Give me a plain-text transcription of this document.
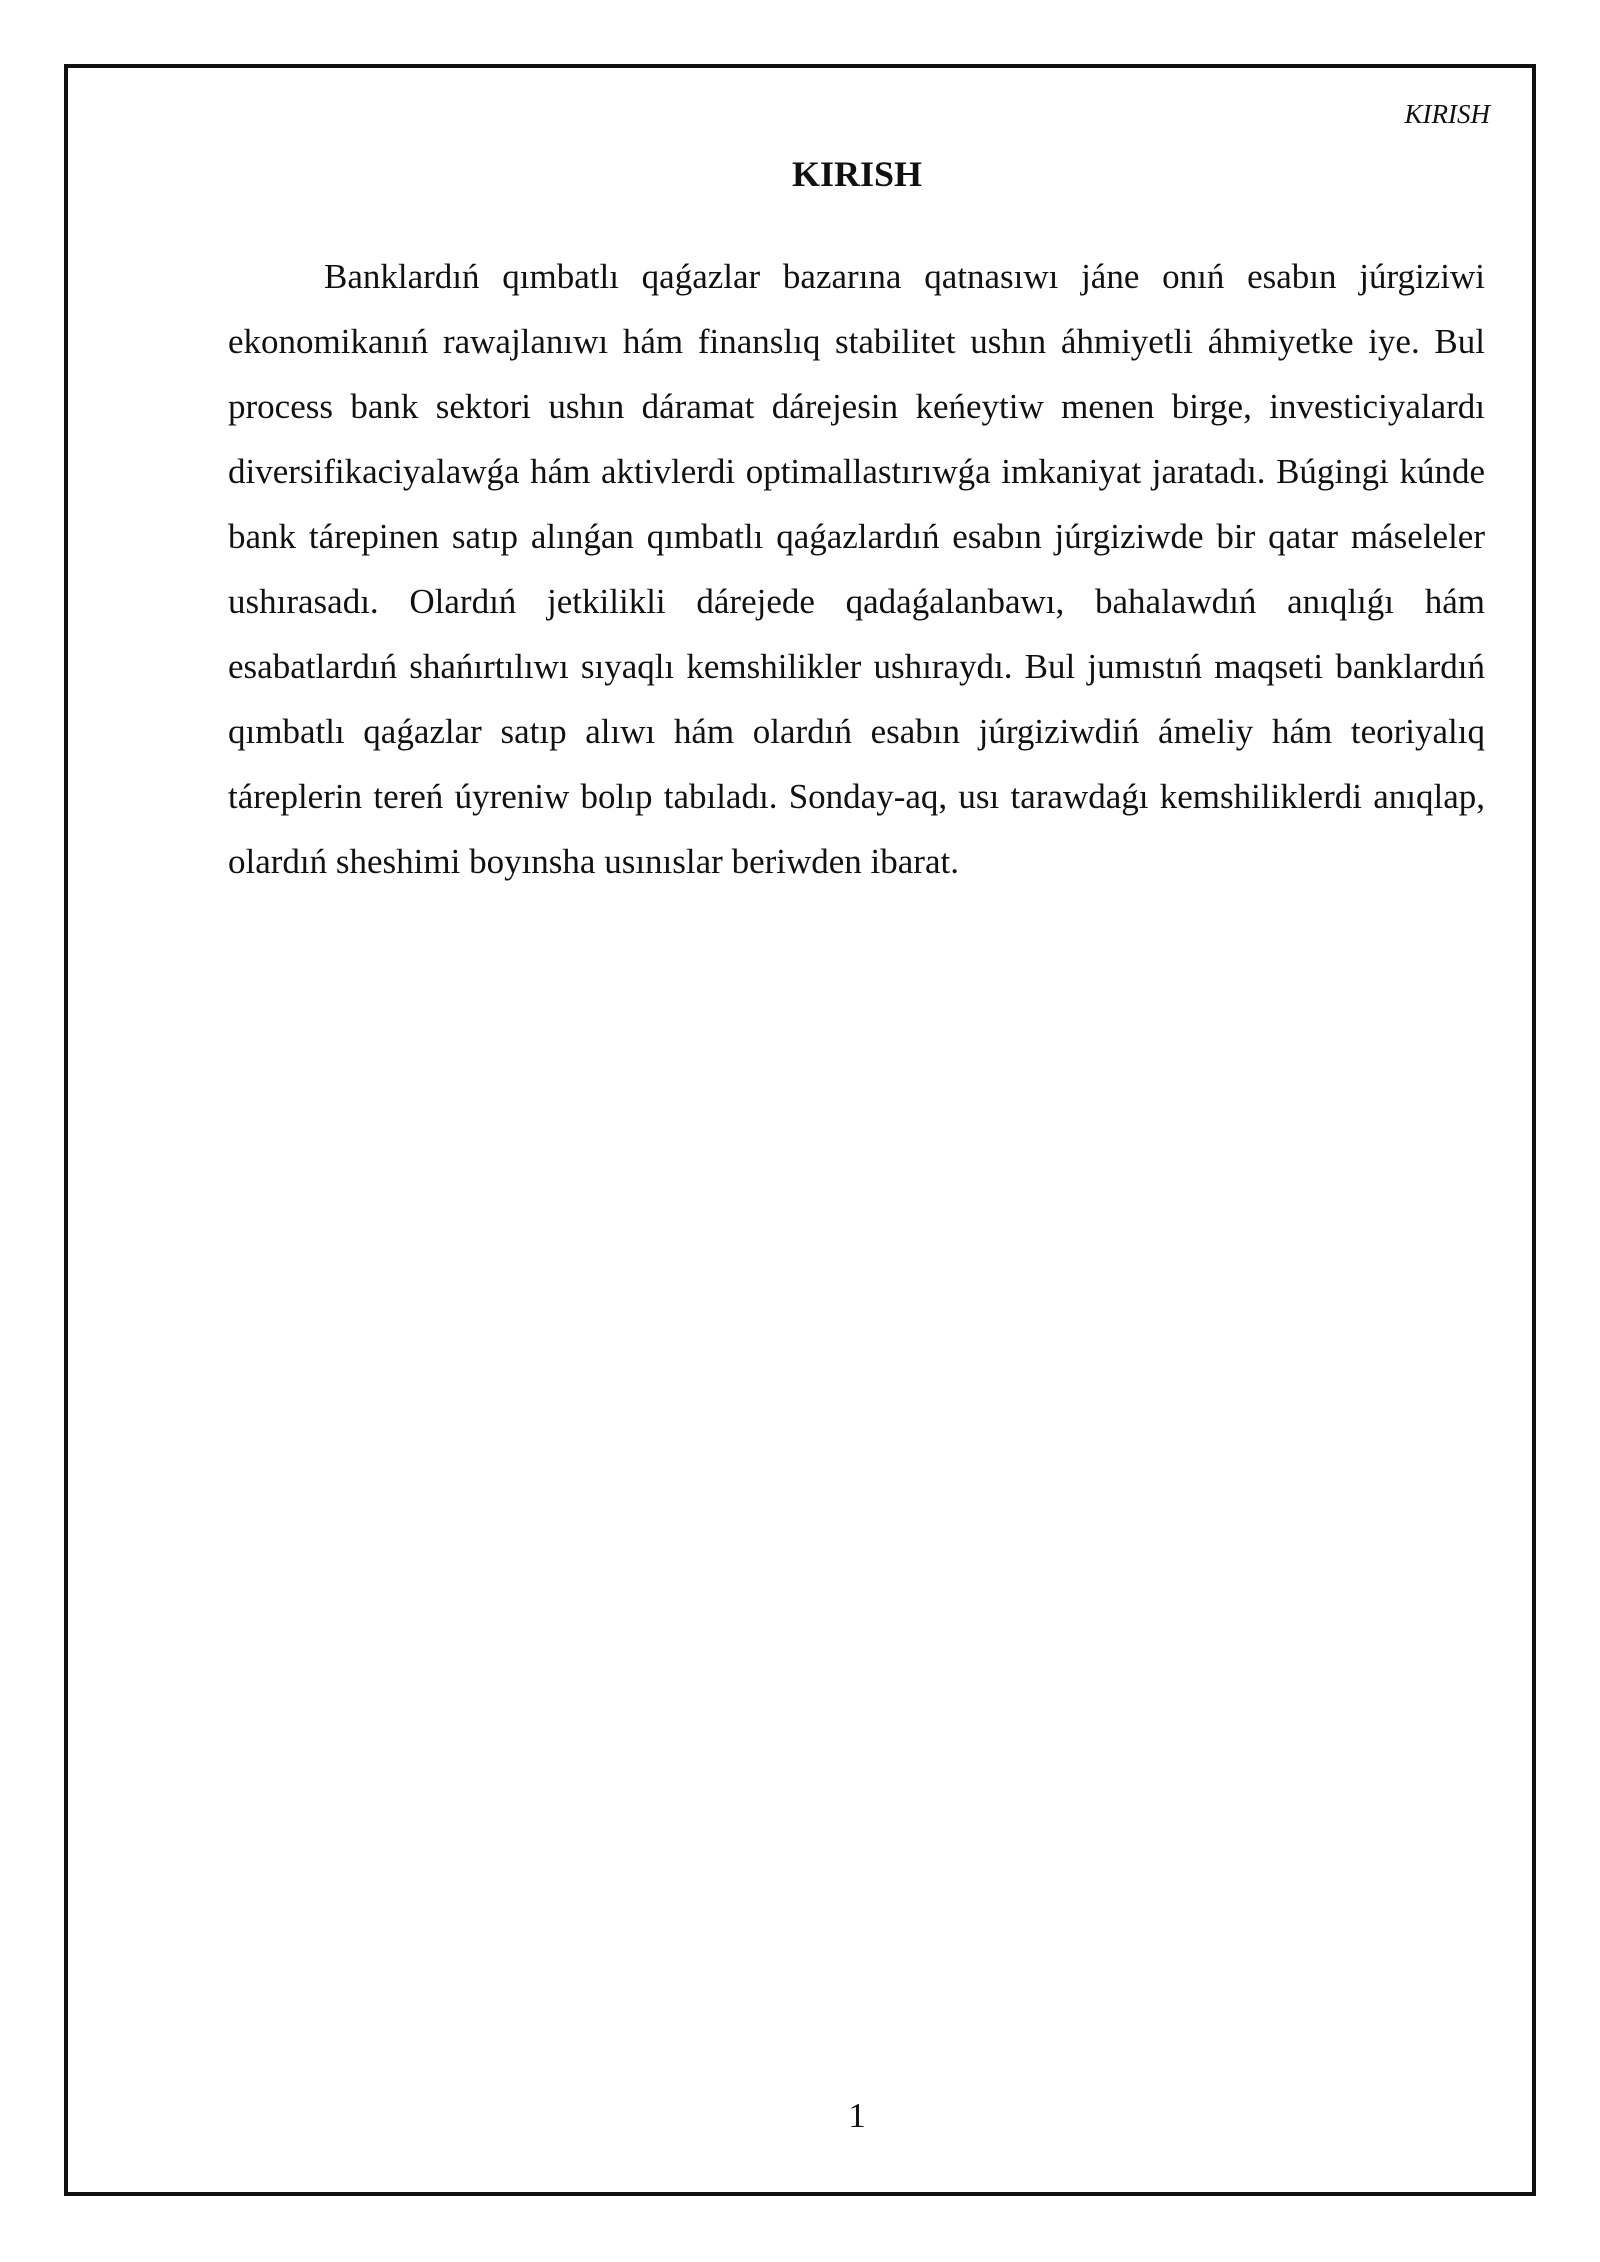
KIRISH
KIRISH

Banklardıń qımbatlı qaǵazlar bazarına qatnasıwı jáne onıń esabın júrgiziwi ekonomikanıń rawajlanıwı hám finanslıq stabilitet ushın áhmiyetli áhmiyetke iye. Bul process bank sektori ushın dáramat dárejesin keńeytiw menen birge, investiciyalardı diversifikaciyalawǵa hám aktivlerdi optimallastırıwǵa imkaniyat jaratadı. Búgingi kúnde bank tárepinen satıp alınǵan qımbatlı qaǵazlardıń esabın júrgiziwde bir qatar máseleler ushırasadı. Olardıń jetkilikli dárejede qadaǵalanbawı, bahalawdıń anıqlıǵı hám esabatlardıń shańırtılıwı sıyaqlı kemshilikler ushıraydı. Bul jumıstıń maqseti banklardıń qımbatlı qaǵazlar satıp alıwı hám olardıń esabın júrgiziwdiń ámeliy hám teoriyalıq táreplerin tereń úyreniw bolıp tabıladı. Sonday-aq, usı tarawdaǵı kemshiliklerdi anıqlap, olardıń sheshimi boyınsha usınıslar beriwden ibarat.

1
